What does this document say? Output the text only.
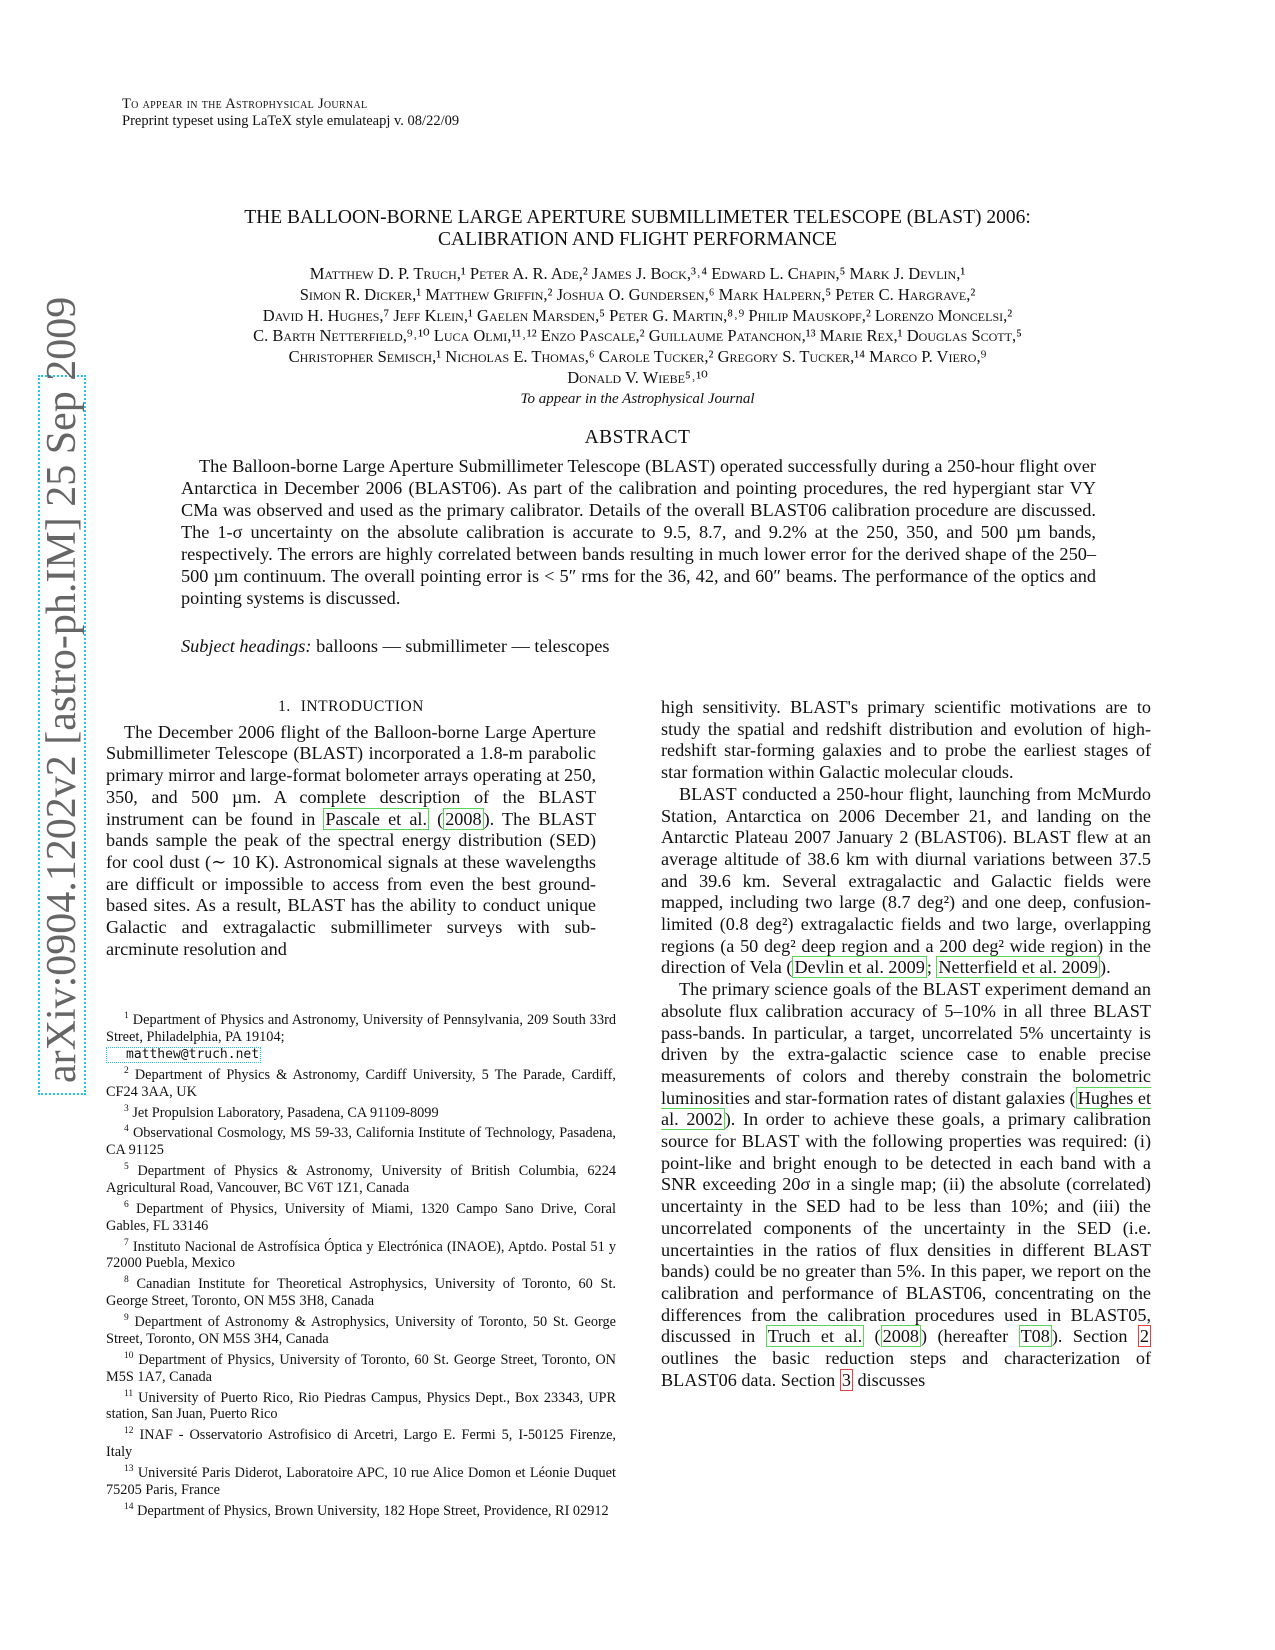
To appear in the Astrophysical Journal
Preprint typeset using LaTeX style emulateapj v. 08/22/09
arXiv:0904.1202v2 [astro-ph.IM] 25 Sep 2009
THE BALLOON-BORNE LARGE APERTURE SUBMILLIMETER TELESCOPE (BLAST) 2006:
CALIBRATION AND FLIGHT PERFORMANCE
Matthew D. P. Truch,¹ Peter A. R. Ade,² James J. Bock,³˒⁴ Edward L. Chapin,⁵ Mark J. Devlin,¹
Simon R. Dicker,¹ Matthew Griffin,² Joshua O. Gundersen,⁶ Mark Halpern,⁵ Peter C. Hargrave,²
David H. Hughes,⁷ Jeff Klein,¹ Gaelen Marsden,⁵ Peter G. Martin,⁸˒⁹ Philip Mauskopf,² Lorenzo Moncelsi,²
C. Barth Netterfield,⁹˒¹⁰ Luca Olmi,¹¹˒¹² Enzo Pascale,² Guillaume Patanchon,¹³ Marie Rex,¹ Douglas Scott,⁵
Christopher Semisch,¹ Nicholas E. Thomas,⁶ Carole Tucker,² Gregory S. Tucker,¹⁴ Marco P. Viero,⁹
Donald V. Wiebe⁵˒¹⁰
To appear in the Astrophysical Journal
ABSTRACT
The Balloon-borne Large Aperture Submillimeter Telescope (BLAST) operated successfully during a 250-hour flight over Antarctica in December 2006 (BLAST06). As part of the calibration and pointing procedures, the red hypergiant star VY CMa was observed and used as the primary calibrator. Details of the overall BLAST06 calibration procedure are discussed. The 1-σ uncertainty on the absolute calibration is accurate to 9.5, 8.7, and 9.2% at the 250, 350, and 500 µm bands, respectively. The errors are highly correlated between bands resulting in much lower error for the derived shape of the 250–500 µm continuum. The overall pointing error is < 5″ rms for the 36, 42, and 60″ beams. The performance of the optics and pointing systems is discussed.
Subject headings: balloons — submillimeter — telescopes
1. INTRODUCTION

The December 2006 flight of the Balloon-borne Large Aperture Submillimeter Telescope (BLAST) incorporated a 1.8-m parabolic primary mirror and large-format bolometer arrays operating at 250, 350, and 500 µm. A complete description of the BLAST instrument can be found in Pascale et al. ( 2008 ). The BLAST bands sample the peak of the spectral energy distribution (SED) for cool dust (∼ 10 K). Astronomical signals at these wavelengths are difficult or impossible to access from even the best ground-based sites. As a result, BLAST has the ability to conduct unique Galactic and extragalactic submillimeter surveys with sub-arcminute resolution and

$^1$ Department of Physics and Astronomy, University of Pennsylvania, 209 South 33rd Street, Philadelphia, PA 19104;
matthew@truch.net
$^2$ Department of Physics & Astronomy, Cardiff University, 5 The Parade, Cardiff, CF24 3AA, UK
$^3$ Jet Propulsion Laboratory, Pasadena, CA 91109-8099
$^4$ Observational Cosmology, MS 59-33, California Institute of Technology, Pasadena, CA 91125
$^5$ Department of Physics & Astronomy, University of British Columbia, 6224 Agricultural Road, Vancouver, BC V6T 1Z1, Canada
$^6$ Department of Physics, University of Miami, 1320 Campo Sano Drive, Coral Gables, FL 33146
$^7$ Instituto Nacional de Astrofísica Óptica y Electrónica (INAOE), Aptdo. Postal 51 y 72000 Puebla, Mexico
$^8$ Canadian Institute for Theoretical Astrophysics, University of Toronto, 60 St. George Street, Toronto, ON M5S 3H8, Canada
$^9$ Department of Astronomy & Astrophysics, University of Toronto, 50 St. George Street, Toronto, ON M5S 3H4, Canada
$^{10}$ Department of Physics, University of Toronto, 60 St. George Street, Toronto, ON M5S 1A7, Canada
$^{11}$ University of Puerto Rico, Rio Piedras Campus, Physics Dept., Box 23343, UPR station, San Juan, Puerto Rico
$^{12}$ INAF - Osservatorio Astrofisico di Arcetri, Largo E. Fermi 5, I-50125 Firenze, Italy
$^{13}$ Université Paris Diderot, Laboratoire APC, 10 rue Alice Domon et Léonie Duquet 75205 Paris, France
$^{14}$ Department of Physics, Brown University, 182 Hope Street, Providence, RI 02912

high sensitivity. BLAST's primary scientific motivations are to study the spatial and redshift distribution and evolution of high-redshift star-forming galaxies and to probe the earliest stages of star formation within Galactic molecular clouds.

BLAST conducted a 250-hour flight, launching from McMurdo Station, Antarctica on 2006 December 21, and landing on the Antarctic Plateau 2007 January 2 (BLAST06). BLAST flew at an average altitude of 38.6 km with diurnal variations between 37.5 and 39.6 km. Several extragalactic and Galactic fields were mapped, including two large (8.7 deg²) and one deep, confusion-limited (0.8 deg²) extragalactic fields and two large, overlapping regions (a 50 deg² deep region and a 200 deg² wide region) in the direction of Vela ( Devlin et al. 2009 ; Netterfield et al. 2009 ).

The primary science goals of the BLAST experiment demand an absolute flux calibration accuracy of 5–10% in all three BLAST pass-bands. In particular, a target, uncorrelated 5% uncertainty is driven by the extra-galactic science case to enable precise measurements of colors and thereby constrain the bolometric luminosities and star-formation rates of distant galaxies ( Hughes et al. 2002 ). In order to achieve these goals, a primary calibration source for BLAST with the following properties was required: (i) point-like and bright enough to be detected in each band with a SNR exceeding 20σ in a single map; (ii) the absolute (correlated) uncertainty in the SED had to be less than 10%; and (iii) the uncorrelated components of the uncertainty in the SED (i.e. uncertainties in the ratios of flux densities in different BLAST bands) could be no greater than 5%. In this paper, we report on the calibration and performance of BLAST06, concentrating on the differences from the calibration procedures used in BLAST05, discussed in Truch et al. ( 2008 ) (hereafter T08 ). Section 2 outlines the basic reduction steps and characterization of BLAST06 data. Section 3 discusses
